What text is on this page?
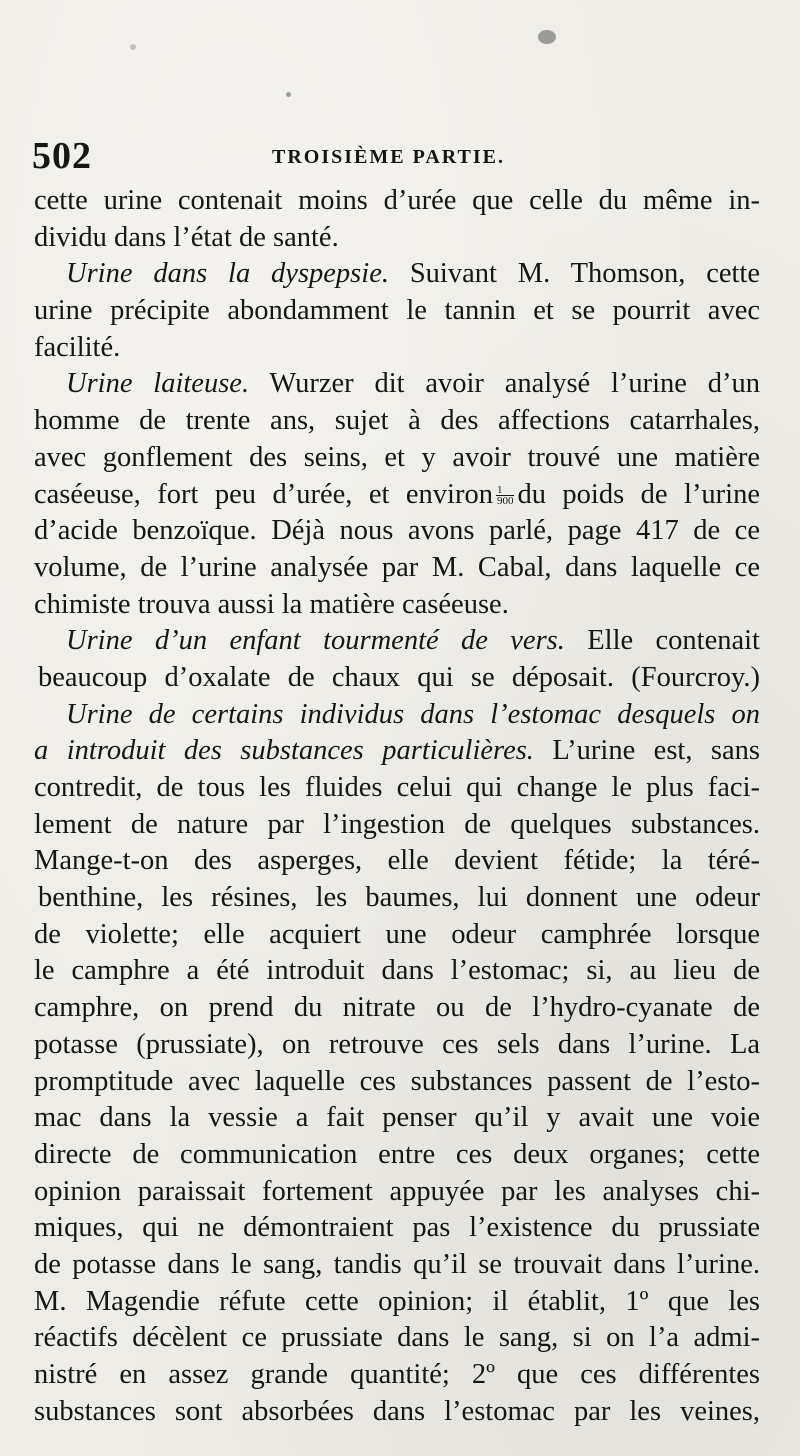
502	TROISIÈME PARTIE.
cette urine contenait moins d’urée que celle du même in-
dividu dans l’état de santé.
Urine dans la dyspepsie. Suivant M. Thomson, cette
urine précipite abondamment le tannin et se pourrit avec
facilité.
Urine laiteuse. Wurzer dit avoir analysé l’urine d’un
homme de trente ans, sujet à des affections catarrhales,
avec gonflement des seins, et y avoir trouvé une matière
caséeuse, fort peu d’urée, et environ $\frac{1}{900}$ du poids de l’urine
d’acide benzoïque. Déjà nous avons parlé, page 417 de ce
volume, de l’urine analysée par M. Cabal, dans laquelle ce
chimiste trouva aussi la matière caséeuse.
Urine d’un enfant tourmenté de vers. Elle contenait
beaucoup d’oxalate de chaux qui se déposait. (Fourcroy.)
Urine de certains individus dans l’estomac desquels on
a introduit des substances particulières. L’urine est, sans
contredit, de tous les fluides celui qui change le plus faci-
lement de nature par l’ingestion de quelques substances.
Mange-t-on des asperges, elle devient fétide; la téré-
benthine, les résines, les baumes, lui donnent une odeur
de violette; elle acquiert une odeur camphrée lorsque
le camphre a été introduit dans l’estomac; si, au lieu de
camphre, on prend du nitrate ou de l’hydro-cyanate de
potasse (prussiate), on retrouve ces sels dans l’urine. La
promptitude avec laquelle ces substances passent de l’esto-
mac dans la vessie a fait penser qu’il y avait une voie
directe de communication entre ces deux organes; cette
opinion paraissait fortement appuyée par les analyses chi-
miques, qui ne démontraient pas l’existence du prussiate
de potasse dans le sang, tandis qu’il se trouvait dans l’urine.
M. Magendie réfute cette opinion; il établit, 1º que les
réactifs décèlent ce prussiate dans le sang, si on l’a admi-
nistré en assez grande quantité; 2º que ces différentes
substances sont absorbées dans l’estomac par les veines,
